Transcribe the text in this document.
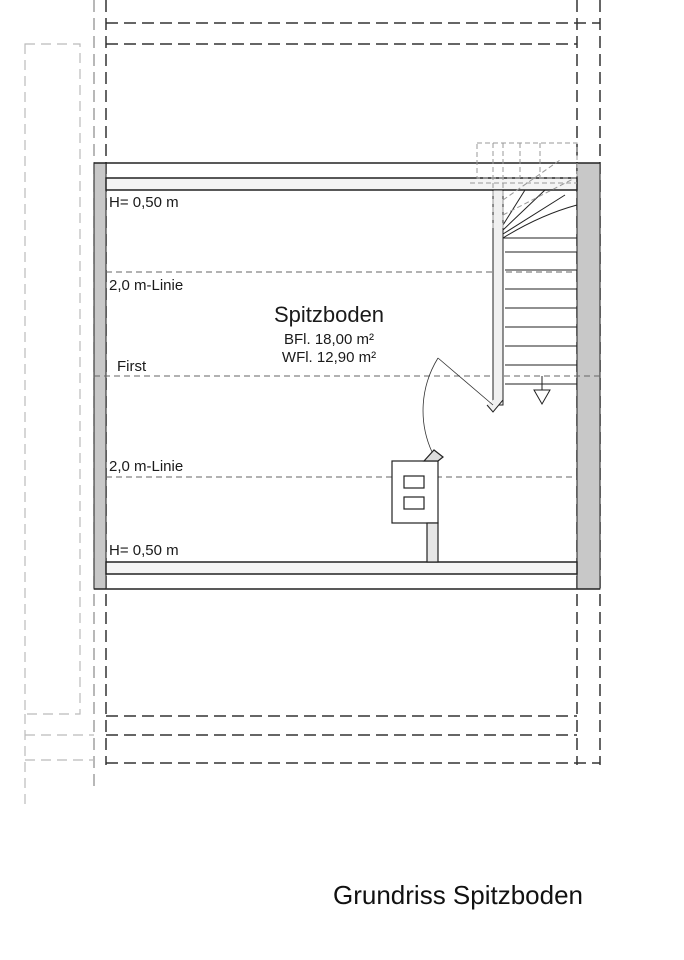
H= 0,50 m
2,0 m-Linie
First
2,0 m-Linie
H= 0,50 m
Spitzboden
BFl. 18,00 m²
WFl. 12,90 m²
Grundriss Spitzboden
